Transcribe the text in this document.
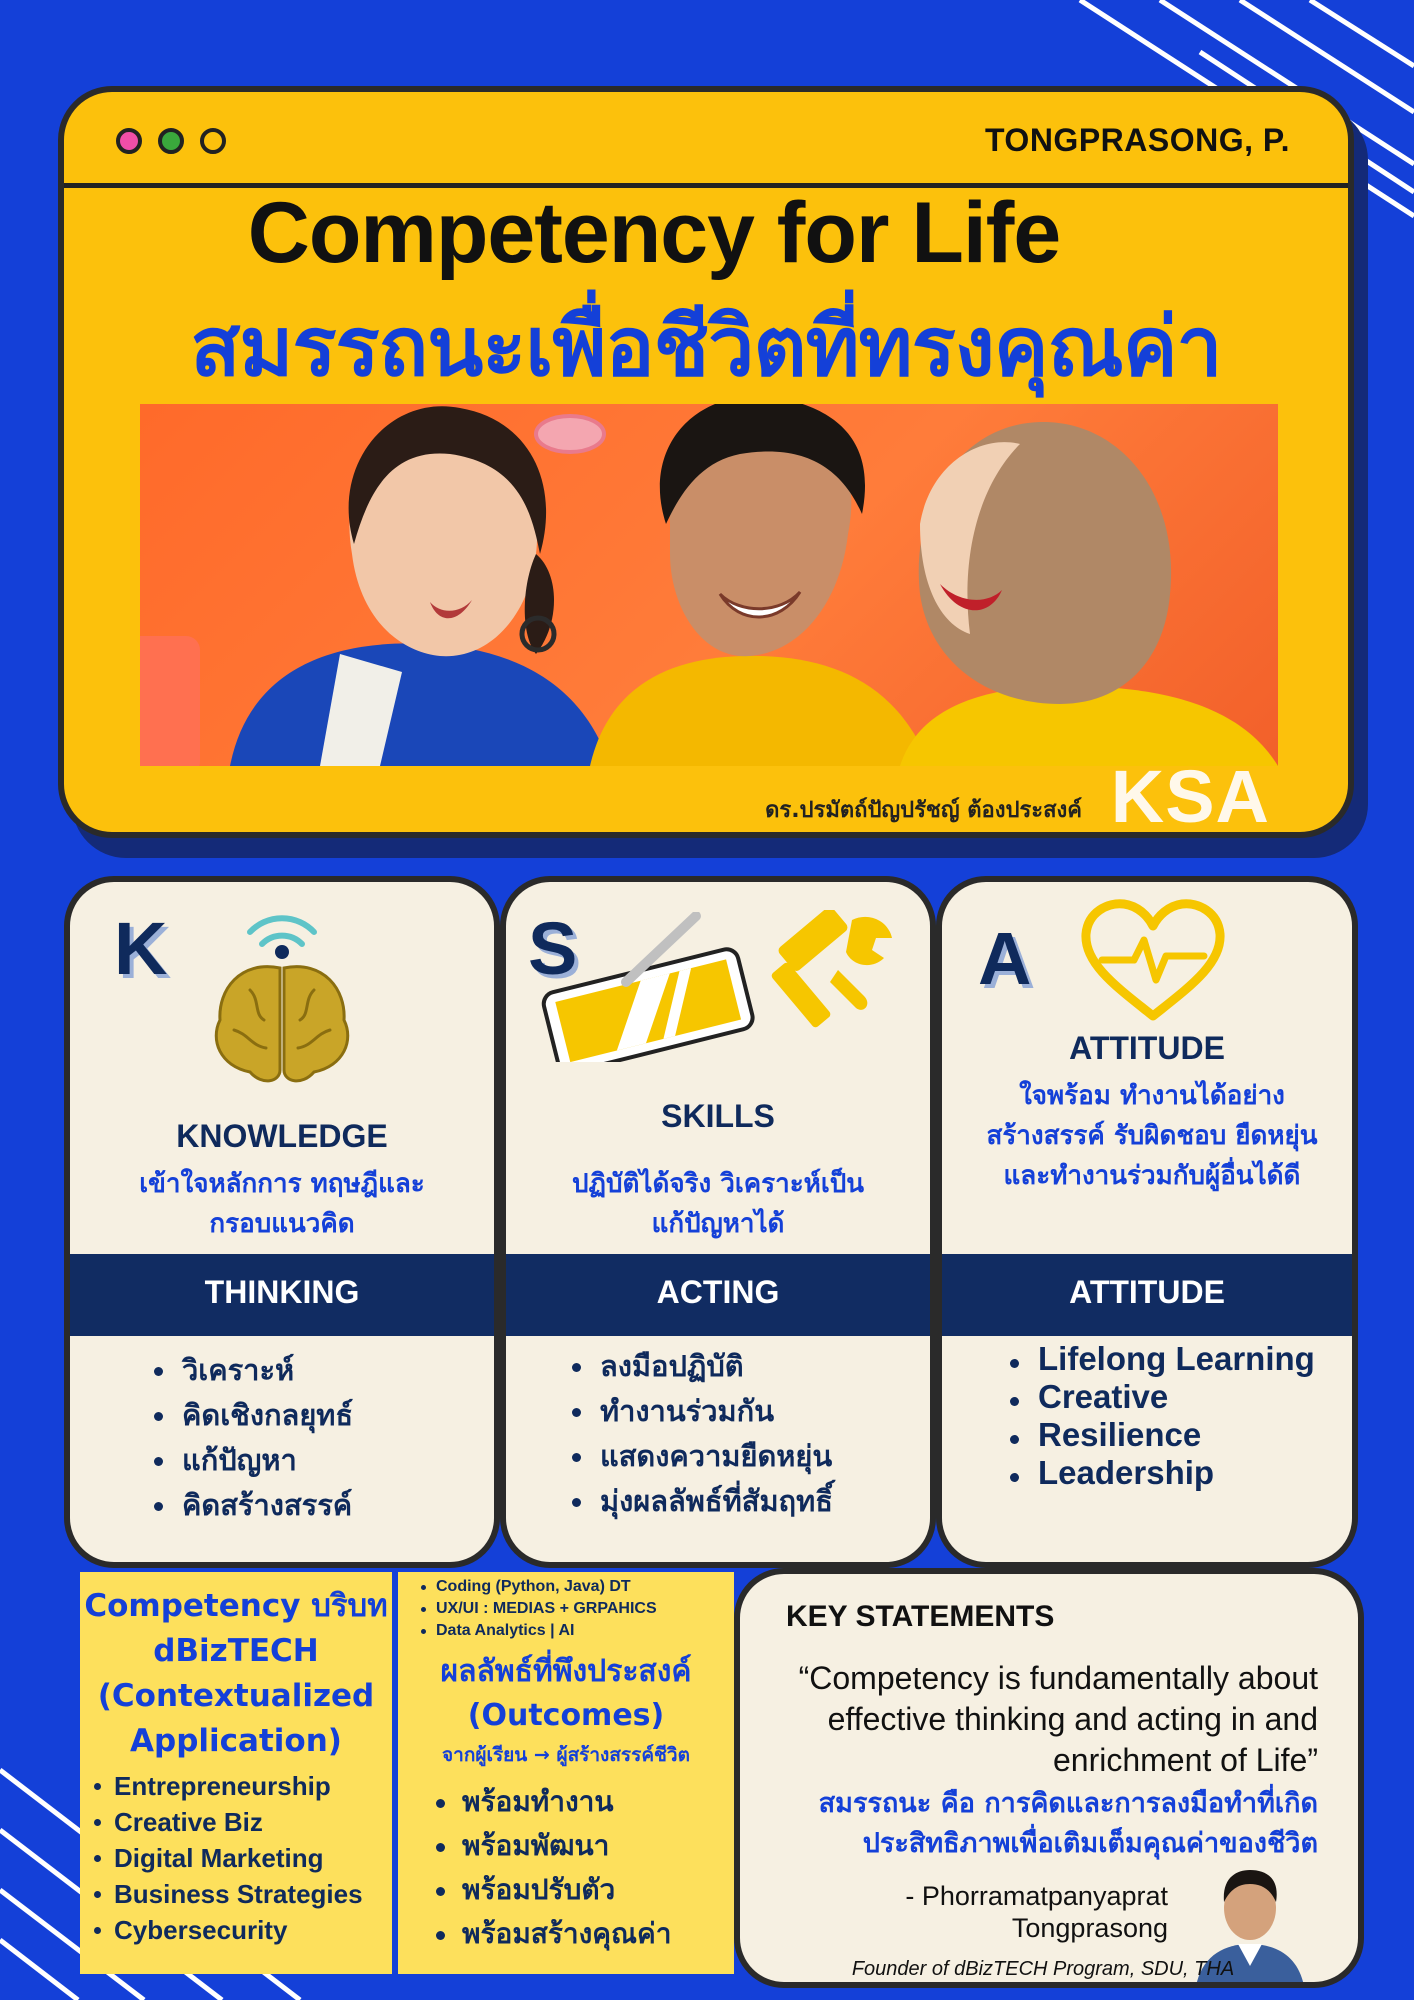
TONGPRASONG, P.
Competency for Life
สมรรถนะเพื่อชีวิตที่ทรงคุณค่า
ดร.ปรมัตถ์ปัญปรัชญ์ ต้องประสงค์ KSA
K
KNOWLEDGE
เข้าใจหลักการ ทฤษฎีและกรอบแนวคิด
THINKING
วิเคราะห์
คิดเชิงกลยุทธ์
แก้ปัญหา
คิดสร้างสรรค์
S
SKILLS
ปฏิบัติได้จริง วิเคราะห์เป็น แก้ปัญหาได้
ACTING
ลงมือปฏิบัติ
ทำงานร่วมกัน
แสดงความยืดหยุ่น
มุ่งผลลัพธ์ที่สัมฤทธิ์
A
ATTITUDE
ใจพร้อม ทำงานได้อย่างสร้างสรรค์ รับผิดชอบ ยืดหยุ่น และทำงานร่วมกับผู้อื่นได้ดี
ATTITUDE
Lifelong Learning
Creative
Resilience
Leadership
Competency บริบท dBizTECH (Contextualized Application)
Entrepreneurship
Creative Biz
Digital Marketing
Business Strategies
Cybersecurity
Coding (Python, Java) DT
UX/UI : MEDIAS + GRPAHICS
Data Analytics | AI
ผลลัพธ์ที่พึงประสงค์ (Outcomes)
จากผู้เรียน → ผู้สร้างสรรค์ชีวิต
พร้อมทำงาน
พร้อมพัฒนา
พร้อมปรับตัว
พร้อมสร้างคุณค่า
KEY STATEMENTS
“Competency is fundamentally about effective thinking and acting in and enrichment of Life”
สมรรถนะ คือ การคิดและการลงมือทำที่เกิดประสิทธิภาพเพื่อเติมเต็มคุณค่าของชีวิต
- Phorramatpanyaprat
Tongprasong
Founder of dBizTECH Program, SDU, THA
